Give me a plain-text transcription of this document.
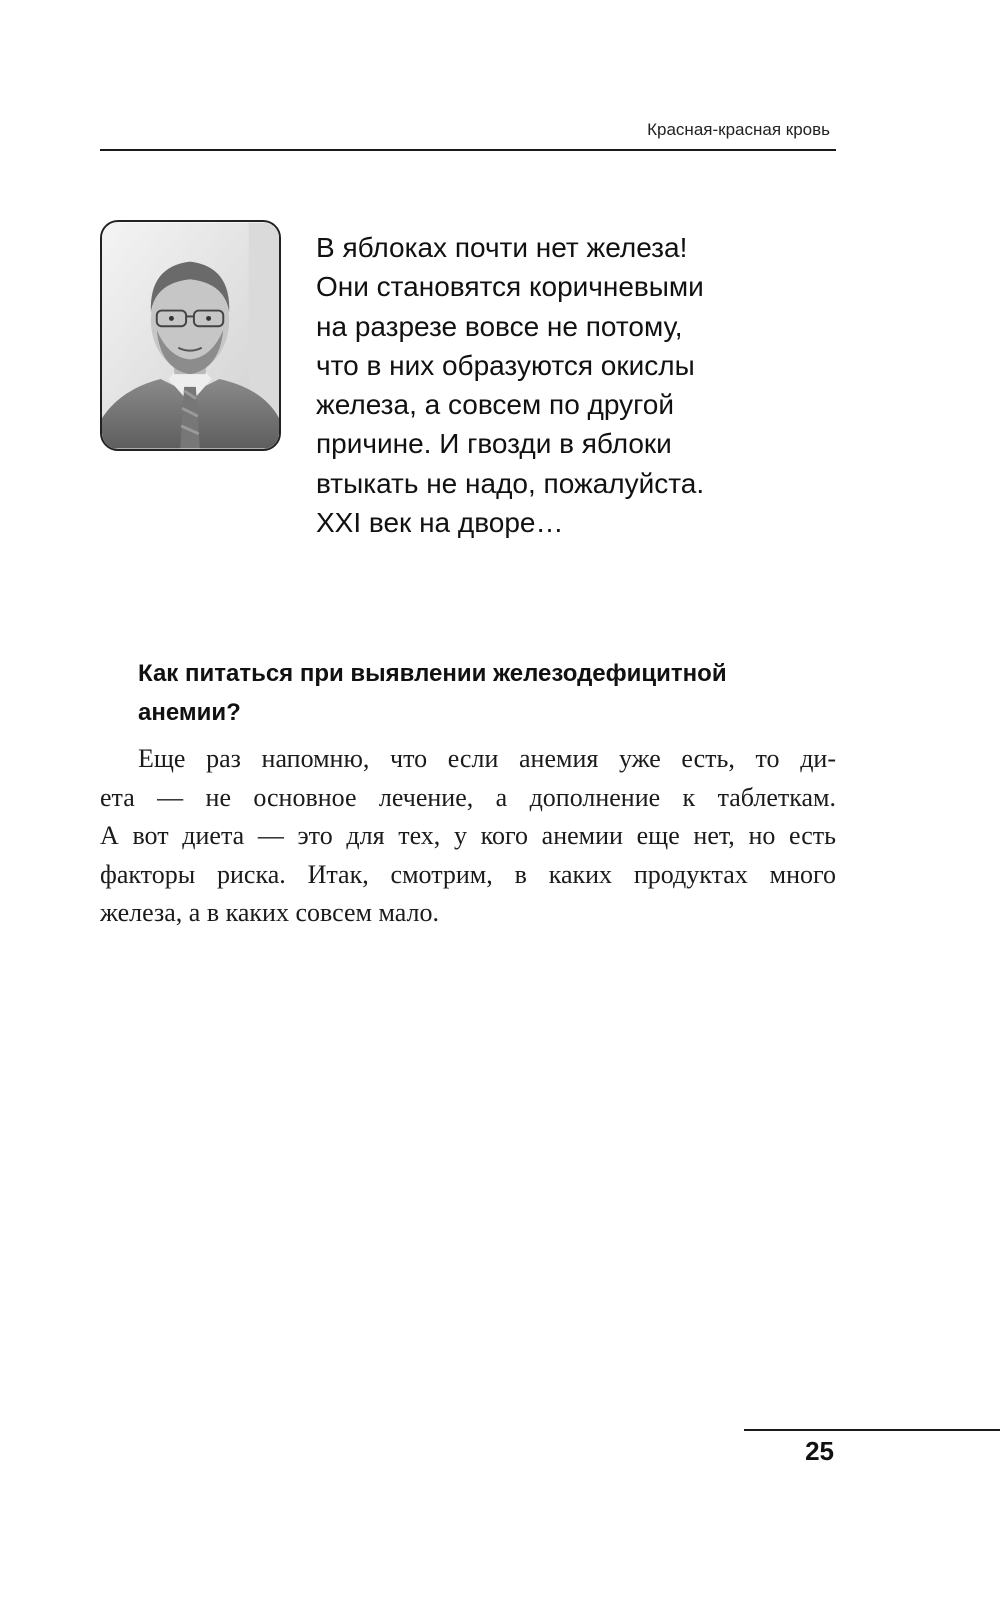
Красная-красная кровь
В яблоках почти нет железа!
Они становятся коричневыми
на разрезе вовсе не потому,
что в них образуются окислы
железа, а совсем по другой
причине. И гвозди в яблоки
втыкать не надо, пожалуйста.
XXI век на дворе…
Как питаться при выявлении железодефицитной
анемии?
Еще раз напомню, что если анемия уже есть, то ди-
ета — не основное лечение, а дополнение к таблеткам.
А вот диета — это для тех, у кого анемии еще нет, но есть
факторы риска. Итак, смотрим, в каких продуктах много
железа, а в каких совсем мало.
25
